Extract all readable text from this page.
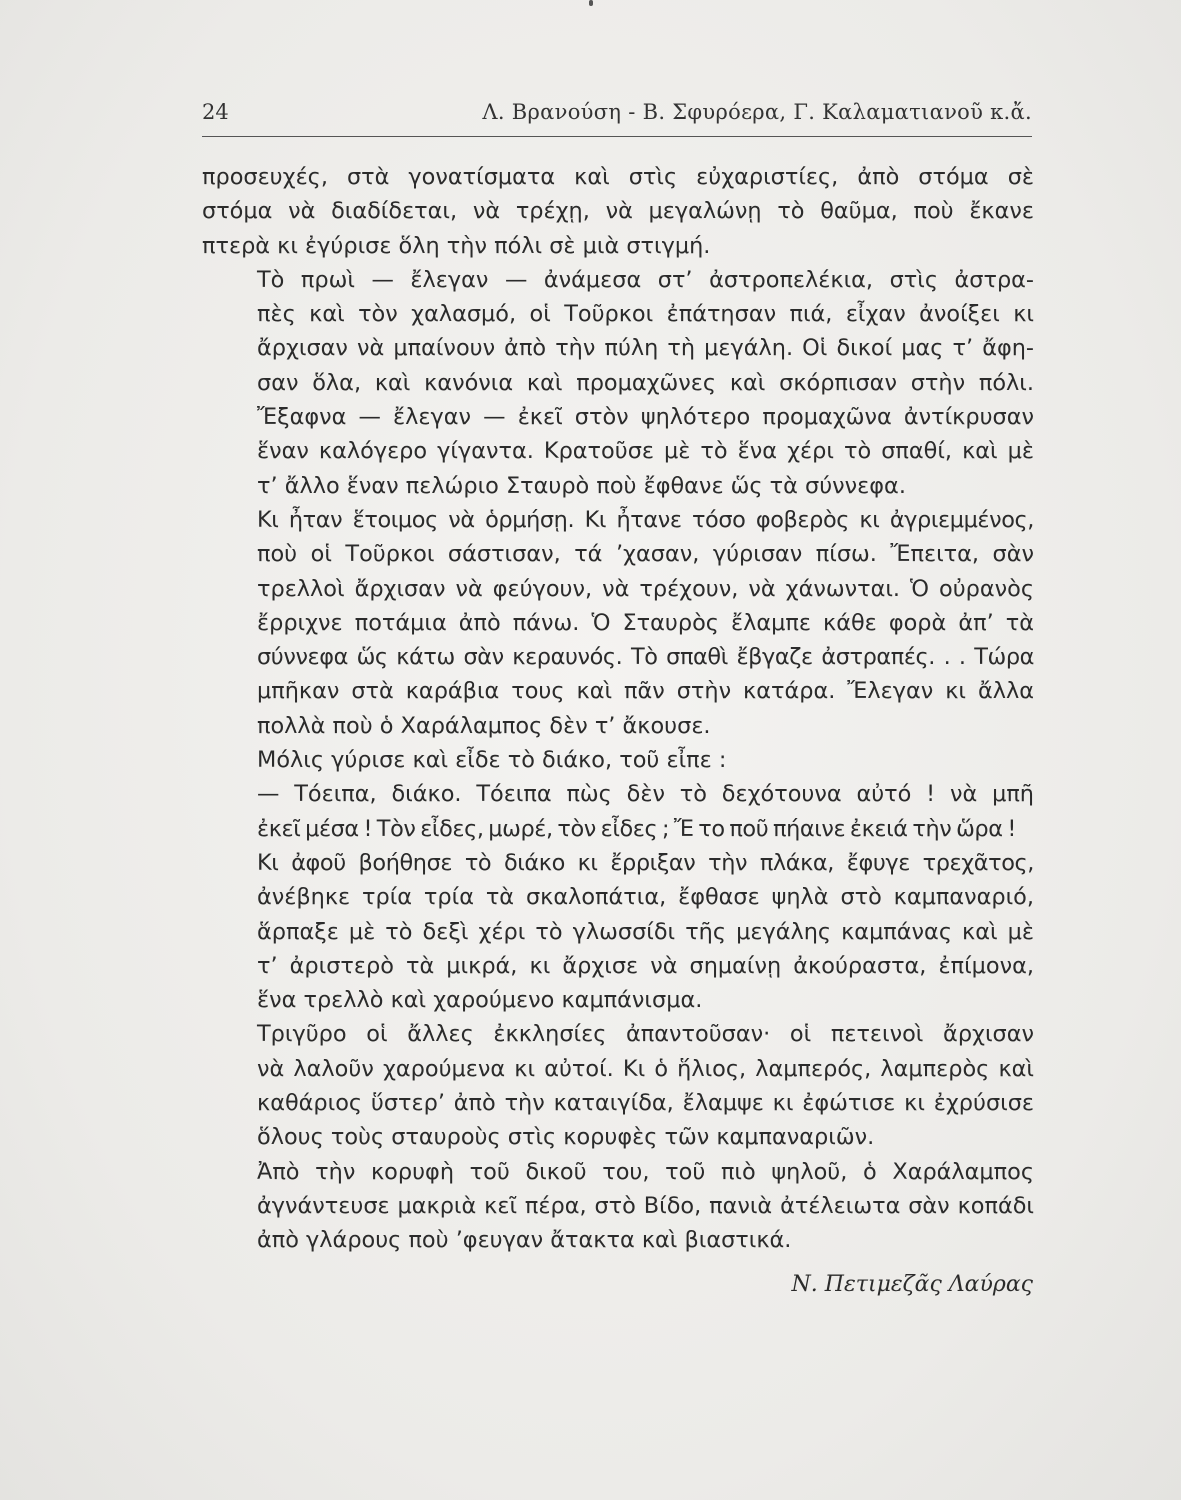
24	Λ. Βρανούση - Β. Σφυρόερα, Γ. Καλαματιανοῦ κ.ἄ.

προσευχές, στὰ γονατίσματα καὶ στὶς εὐχαριστίες, ἀπὸ στόμα σὲ
στόμα νὰ διαδίδεται, νὰ τρέχῃ, νὰ μεγαλώνῃ τὸ θαῦμα, ποὺ ἔκανε
πτερὰ κι ἐγύρισε ὅλη τὴν πόλι σὲ μιὰ στιγμή.

Τὸ πρωὶ — ἔλεγαν — ἀνάμεσα στ’ ἀστροπελέκια, στὶς ἀστρα-
πὲς καὶ τὸν χαλασμό, οἱ Τοῦρκοι ἐπάτησαν πιά, εἶχαν ἀνοίξει κι
ἄρχισαν νὰ μπαίνουν ἀπὸ τὴν πύλη τὴ μεγάλη. Οἱ δικοί μας τ’ ἄφη-
σαν ὅλα, καὶ κανόνια καὶ προμαχῶνες καὶ σκόρπισαν στὴν πόλι.
Ἔξαφνα — ἔλεγαν — ἐκεῖ στὸν ψηλότερο προμαχῶνα ἀντίκρυσαν
ἕναν καλόγερο γίγαντα. Κρατοῦσε μὲ τὸ ἕνα χέρι τὸ σπαθί, καὶ μὲ
τ’ ἄλλο ἕναν πελώριο Σταυρὸ ποὺ ἔφθανε ὥς τὰ σύννεφα.

Κι ἦταν ἕτοιμος νὰ ὁρμήσῃ. Κι ἦτανε τόσο φοβερὸς κι ἀγριεμμένος,
ποὺ οἱ Τοῦρκοι σάστισαν, τά ’χασαν, γύρισαν πίσω. Ἔπειτα, σὰν
τρελλοὶ ἄρχισαν νὰ φεύγουν, νὰ τρέχουν, νὰ χάνωνται. Ὁ οὐρανὸς
ἔρριχνε ποτάμια ἀπὸ πάνω. Ὁ Σταυρὸς ἔλαμπε κάθε φορὰ ἀπ’ τὰ
σύννεφα ὥς κάτω σὰν κεραυνός. Τὸ σπαθὶ ἔβγαζε ἀστραπές. . . Τώρα
μπῆκαν στὰ καράβια τους καὶ πᾶν στὴν κατάρα. Ἔλεγαν κι ἄλλα
πολλὰ ποὺ ὁ Χαράλαμπος δὲν τ’ ἄκουσε.

Μόλις γύρισε καὶ εἶδε τὸ διάκο, τοῦ εἶπε :

— Τόειπα, διάκο. Τόειπα πὼς δὲν τὸ δεχότουνα αὐτό ! νὰ μπῆ
ἐκεῖ μέσα ! Τὸν εἶδες, μωρέ, τὸν εἶδες ; Ἔ το ποῦ πήαινε ἐκειά τὴν ὥρα !

Κι ἀφοῦ βοήθησε τὸ διάκο κι ἔρριξαν τὴν πλάκα, ἔφυγε τρεχᾶτος,
ἀνέβηκε τρία τρία τὰ σκαλοπάτια, ἔφθασε ψηλὰ στὸ καμπαναριό,
ἅρπαξε μὲ τὸ δεξὶ χέρι τὸ γλωσσίδι τῆς μεγάλης καμπάνας καὶ μὲ
τ’ ἀριστερὸ τὰ μικρά, κι ἄρχισε νὰ σημαίνῃ ἀκούραστα, ἐπίμονα,
ἕνα τρελλὸ καὶ χαρούμενο καμπάνισμα.

Τριγῦρο οἱ ἄλλες ἐκκλησίες ἀπαντοῦσαν· οἱ πετεινοὶ ἄρχισαν
νὰ λαλοῦν χαρούμενα κι αὐτοί. Κι ὁ ἥλιος, λαμπερός, λαμπερὸς καὶ
καθάριος ὕστερ’ ἀπὸ τὴν καταιγίδα, ἔλαμψε κι ἐφώτισε κι ἐχρύσισε
ὅλους τοὺς σταυροὺς στὶς κορυφὲς τῶν καμπαναριῶν.

Ἀπὸ τὴν κορυφὴ τοῦ δικοῦ του, τοῦ πιὸ ψηλοῦ, ὁ Χαράλαμπος
ἀγνάντευσε μακριὰ κεῖ πέρα, στὸ Βίδο, πανιὰ ἀτέλειωτα σὰν κοπάδι
ἀπὸ γλάρους ποὺ ’φευγαν ἄτακτα καὶ βιαστικά.

Ν. Πετιμεζᾶς Λαύρας
